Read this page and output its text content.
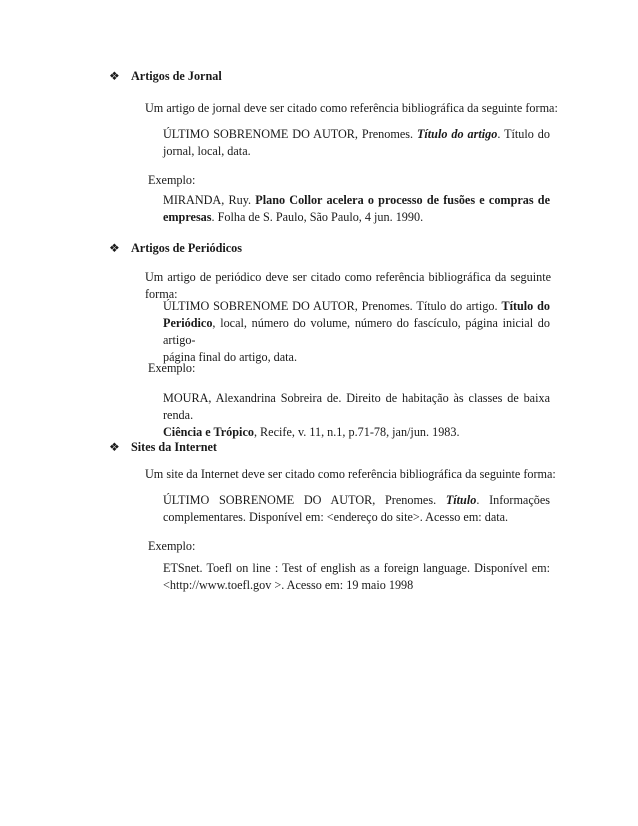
❖ Artigos de Jornal
Um artigo de jornal deve ser citado como referência bibliográfica da seguinte forma:
ÚLTIMO SOBRENOME DO AUTOR, Prenomes. Título do artigo. Título do
jornal, local, data.
Exemplo:
MIRANDA, Ruy. Plano Collor acelera o processo de fusões e compras de
empresas. Folha de S. Paulo, São Paulo, 4 jun. 1990.
❖ Artigos de Periódicos
Um artigo de periódico deve ser citado como referência bibliográfica da seguinte
forma:
ÚLTIMO SOBRENOME DO AUTOR, Prenomes. Título do artigo. Título do
Periódico, local, número do volume, número do fascículo, página inicial do artigo-
página final do artigo, data.
Exemplo:
MOURA, Alexandrina Sobreira de. Direito de habitação às classes de baixa renda.
Ciência e Trópico, Recife, v. 11, n.1, p.71-78, jan/jun. 1983.
❖ Sites da Internet
Um site da Internet deve ser citado como referência bibliográfica da seguinte forma:
ÚLTIMO SOBRENOME DO AUTOR, Prenomes. Título. Informações
complementares. Disponível em: <endereço do site>. Acesso em: data.
Exemplo:
ETSnet. Toefl on line : Test of english as a foreign language. Disponível em:
<http://www.toefl.gov >. Acesso em: 19 maio 1998
